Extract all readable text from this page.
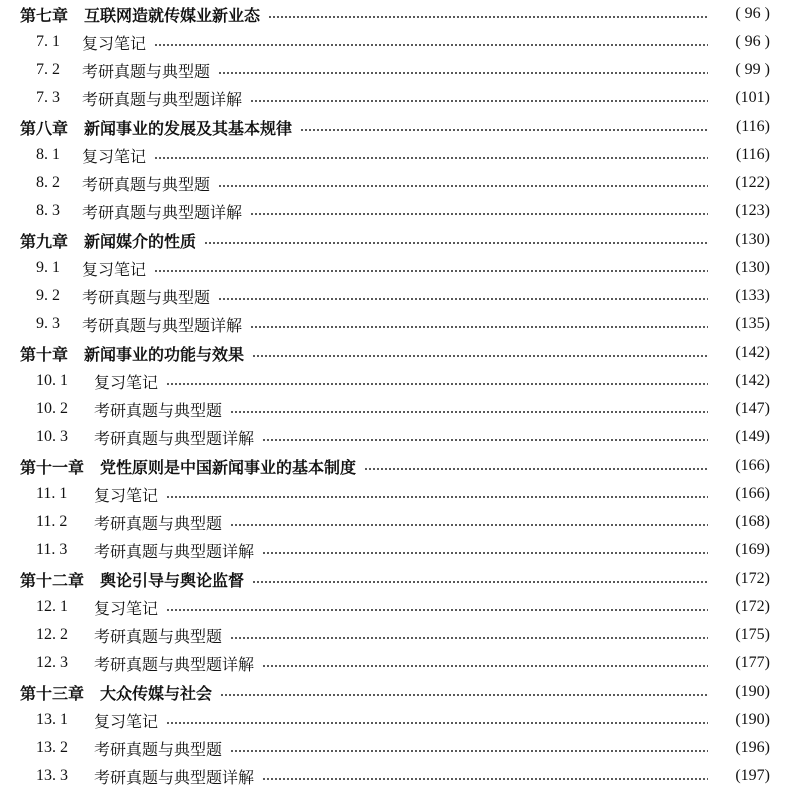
第七章 互联网造就传媒业新业态	( 96 )
7. 1	复习笔记	( 96 )
7. 2	考研真题与典型题	( 99 )
7. 3	考研真题与典型题详解	(101)
第八章 新闻事业的发展及其基本规律	(116)
8. 1	复习笔记	(116)
8. 2	考研真题与典型题	(122)
8. 3	考研真题与典型题详解	(123)
第九章 新闻媒介的性质	(130)
9. 1	复习笔记	(130)
9. 2	考研真题与典型题	(133)
9. 3	考研真题与典型题详解	(135)
第十章 新闻事业的功能与效果	(142)
10. 1	复习笔记	(142)
10. 2	考研真题与典型题	(147)
10. 3	考研真题与典型题详解	(149)
第十一章 党性原则是中国新闻事业的基本制度	(166)
11. 1	复习笔记	(166)
11. 2	考研真题与典型题	(168)
11. 3	考研真题与典型题详解	(169)
第十二章 舆论引导与舆论监督	(172)
12. 1	复习笔记	(172)
12. 2	考研真题与典型题	(175)
12. 3	考研真题与典型题详解	(177)
第十三章 大众传媒与社会	(190)
13. 1	复习笔记	(190)
13. 2	考研真题与典型题	(196)
13. 3	考研真题与典型题详解	(197)
